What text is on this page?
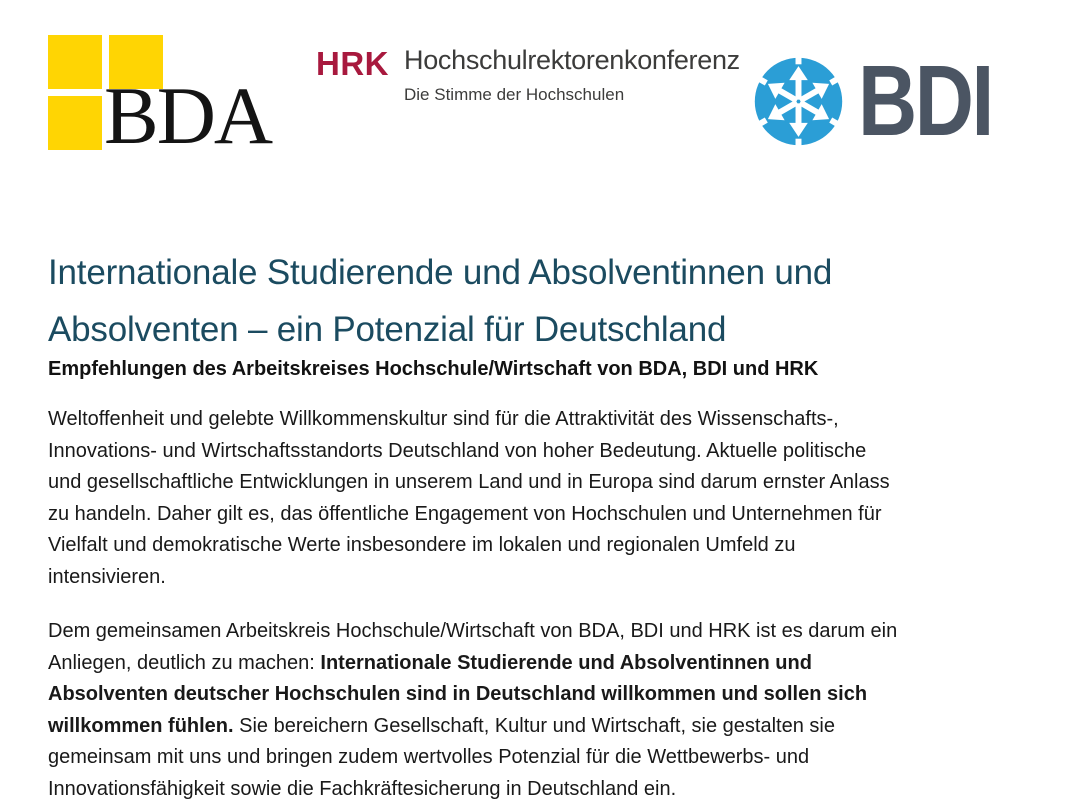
BDA
HRK Hochschulrektorenkonferenz
Die Stimme der Hochschulen	BDI
Internationale Studierende und Absolventinnen und
Absolventen – ein Potenzial für Deutschland
Empfehlungen des Arbeitskreises Hochschule/Wirtschaft von BDA, BDI und HRK
Weltoffenheit und gelebte Willkommenskultur sind für die Attraktivität des Wissenschafts-,
Innovations- und Wirtschaftsstandorts Deutschland von hoher Bedeutung. Aktuelle politische
und gesellschaftliche Entwicklungen in unserem Land und in Europa sind darum ernster Anlass
zu handeln. Daher gilt es, das öffentliche Engagement von Hochschulen und Unternehmen für
Vielfalt und demokratische Werte insbesondere im lokalen und regionalen Umfeld zu
intensivieren.
Dem gemeinsamen Arbeitskreis Hochschule/Wirtschaft von BDA, BDI und HRK ist es darum ein
Anliegen, deutlich zu machen: Internationale Studierende und Absolventinnen und
Absolventen deutscher Hochschulen sind in Deutschland willkommen und sollen sich
willkommen fühlen. Sie bereichern Gesellschaft, Kultur und Wirtschaft, sie gestalten sie
gemeinsam mit uns und bringen zudem wertvolles Potenzial für die Wettbewerbs- und
Innovationsfähigkeit sowie die Fachkräftesicherung in Deutschland ein.
